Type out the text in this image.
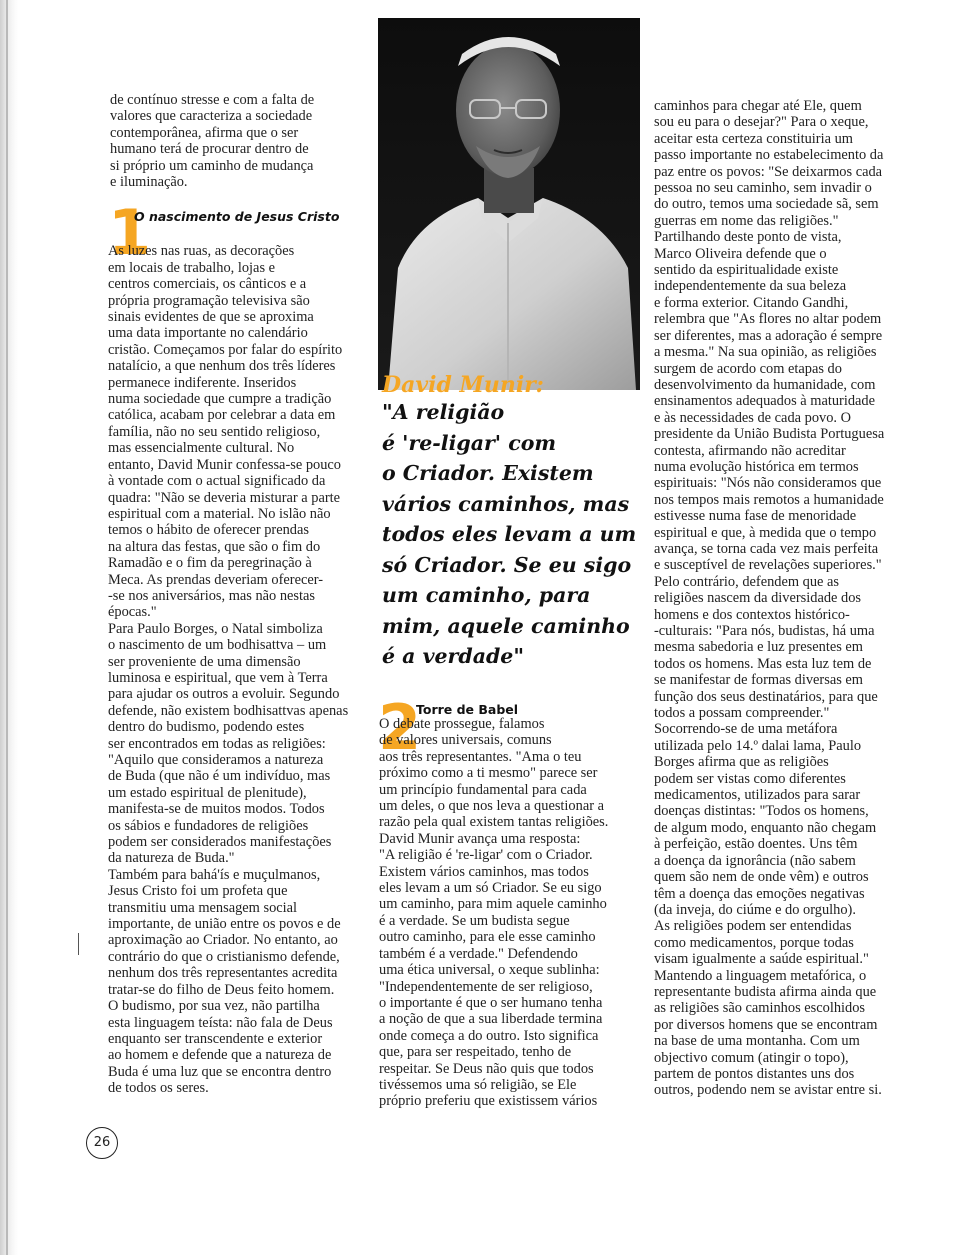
de contínuo stresse e com a falta de
valores que caracteriza a sociedade
contemporânea, afirma que o ser
humano terá de procurar dentro de
si próprio um caminho de mudança
e iluminação.

1
O nascimento de Jesus Cristo

As luzes nas ruas, as decorações
em locais de trabalho, lojas e
centros comerciais, os cânticos e a
própria programação televisiva são
sinais evidentes de que se aproxima
uma data importante no calendário
cristão. Começamos por falar do espírito
natalício, a que nenhum dos três líderes
permanece indiferente. Inseridos
numa sociedade que cumpre a tradição
católica, acabam por celebrar a data em
família, não no seu sentido religioso,
mas essencialmente cultural. No
entanto, David Munir confessa-se pouco
à vontade com o actual significado da
quadra: "Não se deveria misturar a parte
espiritual com a material. No islão não
temos o hábito de oferecer prendas
na altura das festas, que são o fim do
Ramadão e o fim da peregrinação à
Meca. As prendas deveriam oferecer-
-se nos aniversários, mas não nestas
épocas."
Para Paulo Borges, o Natal simboliza
o nascimento de um bodhisattva – um
ser proveniente de uma dimensão
luminosa e espiritual, que vem à Terra
para ajudar os outros a evoluir. Segundo
defende, não existem bodhisattvas apenas
dentro do budismo, podendo estes
ser encontrados em todas as religiões:
"Aquilo que consideramos a natureza
de Buda (que não é um indivíduo, mas
um estado espiritual de plenitude),
manifesta-se de muitos modos. Todos
os sábios e fundadores de religiões
podem ser considerados manifestações
da natureza de Buda."
Também para bahá'ís e muçulmanos,
Jesus Cristo foi um profeta que
transmitiu uma mensagem social
importante, de união entre os povos e de
aproximação ao Criador. No entanto, ao
contrário do que o cristianismo defende,
nenhum dos três representantes acredita
tratar-se do filho de Deus feito homem.
O budismo, por sua vez, não partilha
esta linguagem teísta: não fala de Deus
enquanto ser transcendente e exterior
ao homem e defende que a natureza de
Buda é uma luz que se encontra dentro
de todos os seres.

David Munir:

"A religião
é 're-ligar' com
o Criador. Existem
vários caminhos, mas
todos eles levam a um
só Criador. Se eu sigo
um caminho, para
mim, aquele caminho
é a verdade"

2
Torre de Babel

O debate prossegue, falamos
de valores universais, comuns
aos três representantes. "Ama o teu
próximo como a ti mesmo" parece ser
um princípio fundamental para cada
um deles, o que nos leva a questionar a
razão pela qual existem tantas religiões.
David Munir avança uma resposta:
"A religião é 're-ligar' com o Criador.
Existem vários caminhos, mas todos
eles levam a um só Criador. Se eu sigo
um caminho, para mim aquele caminho
é a verdade. Se um budista segue
outro caminho, para ele esse caminho
também é a verdade." Defendendo
uma ética universal, o xeque sublinha:
"Independentemente de ser religioso,
o importante é que o ser humano tenha
a noção de que a sua liberdade termina
onde começa a do outro. Isto significa
que, para ser respeitado, tenho de
respeitar. Se Deus não quis que todos
tivéssemos uma só religião, se Ele
próprio preferiu que existissem vários

caminhos para chegar até Ele, quem
sou eu para o desejar?" Para o xeque,
aceitar esta certeza constituiria um
passo importante no estabelecimento da
paz entre os povos: "Se deixarmos cada
pessoa no seu caminho, sem invadir o
do outro, temos uma sociedade sã, sem
guerras em nome das religiões."
Partilhando deste ponto de vista,
Marco Oliveira defende que o
sentido da espiritualidade existe
independentemente da sua beleza
e forma exterior. Citando Gandhi,
relembra que "As flores no altar podem
ser diferentes, mas a adoração é sempre
a mesma." Na sua opinião, as religiões
surgem de acordo com etapas do
desenvolvimento da humanidade, com
ensinamentos adequados à maturidade
e às necessidades de cada povo. O
presidente da União Budista Portuguesa
contesta, afirmando não acreditar
numa evolução histórica em termos
espirituais: "Nós não consideramos que
nos tempos mais remotos a humanidade
estivesse numa fase de menoridade
espiritual e que, à medida que o tempo
avança, se torna cada vez mais perfeita
e susceptível de revelações superiores."
Pelo contrário, defendem que as
religiões nascem da diversidade dos
homens e dos contextos histórico-
-culturais: "Para nós, budistas, há uma
mesma sabedoria e luz presentes em
todos os homens. Mas esta luz tem de
se manifestar de formas diversas em
função dos seus destinatários, para que
todos a possam compreender."
Socorrendo-se de uma metáfora
utilizada pelo 14.º dalai lama, Paulo
Borges afirma que as religiões
podem ser vistas como diferentes
medicamentos, utilizados para sarar
doenças distintas: "Todos os homens,
de algum modo, enquanto não chegam
à perfeição, estão doentes. Uns têm
a doença da ignorância (não sabem
quem são nem de onde vêm) e outros
têm a doença das emoções negativas
(da inveja, do ciúme e do orgulho).
As religiões podem ser entendidas
como medicamentos, porque todas
visam igualmente a saúde espiritual."
Mantendo a linguagem metafórica, o
representante budista afirma ainda que
as religiões são caminhos escolhidos
por diversos homens que se encontram
na base de uma montanha. Com um
objectivo comum (atingir o topo),
partem de pontos distantes uns dos
outros, podendo nem se avistar entre si.

26
